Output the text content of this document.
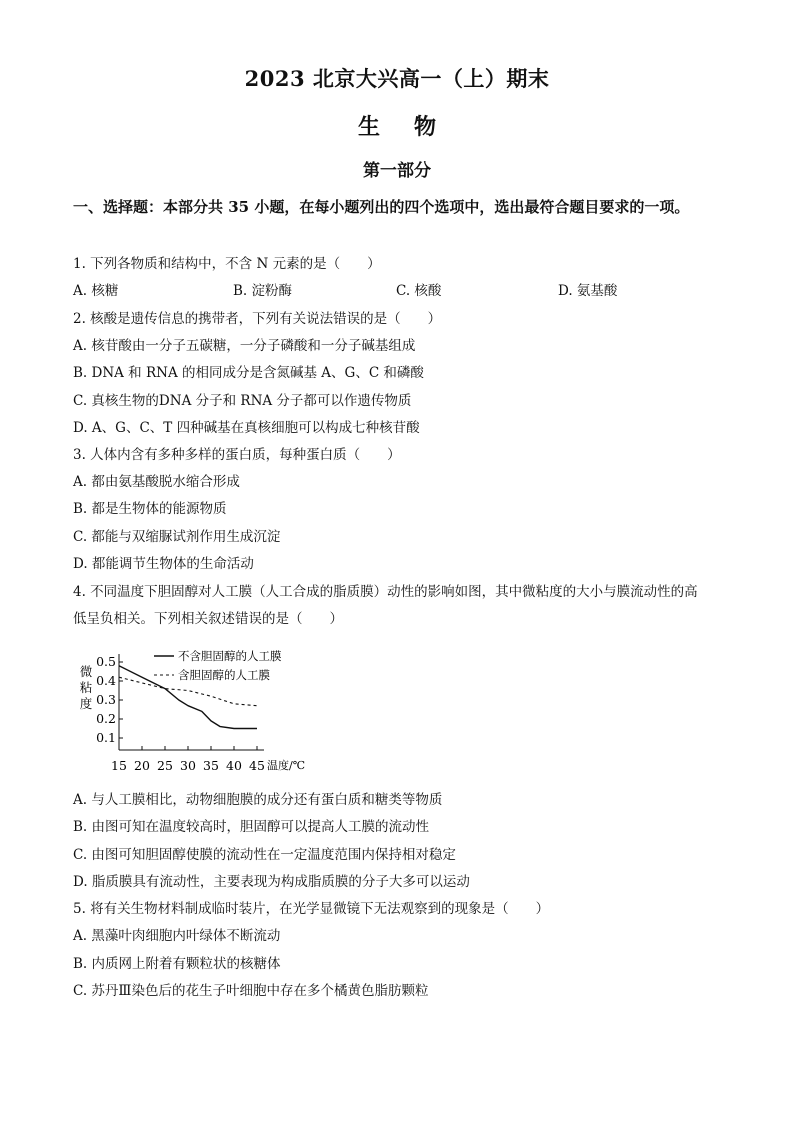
2023 北京大兴高一（上）期末
生物
第一部分
一、选择题：本部分共 35 小题，在每小题列出的四个选项中，选出最符合题目要求的一项。
1. 下列各物质和结构中，不含 N 元素的是（　　）
A. 核糖	B. 淀粉酶	C. 核酸	D. 氨基酸
2. 核酸是遗传信息的携带者，下列有关说法错误的是（　　）
A. 核苷酸由一分子五碳糖，一分子磷酸和一分子碱基组成
B. DNA 和 RNA 的相同成分是含氮碱基 A、G、C 和磷酸
C. 真核生物的DNA 分子和 RNA 分子都可以作遗传物质
D. A、G、C、T 四种碱基在真核细胞可以构成七种核苷酸
3. 人体内含有多种多样的蛋白质，每种蛋白质（　　）
A. 都由氨基酸脱水缩合形成
B. 都是生物体的能源物质
C. 都能与双缩脲试剂作用生成沉淀
D. 都能调节生物体的生命活动
4. 不同温度下胆固醇对人工膜（人工合成的脂质膜）动性的影响如图，其中微粘度的大小与膜流动性的高
低呈负相关。下列相关叙述错误的是（　　）
0.1
0.2
0.3
0.4
0.5
15 20 25 30 35 40 45
不含胆固醇的人工膜
含胆固醇的人工膜
微粘度
温度/℃
A. 与人工膜相比，动物细胞膜的成分还有蛋白质和糖类等物质
B. 由图可知在温度较高时，胆固醇可以提高人工膜的流动性
C. 由图可知胆固醇使膜的流动性在一定温度范围内保持相对稳定
D. 脂质膜具有流动性，主要表现为构成脂质膜的分子大多可以运动
5. 将有关生物材料制成临时装片，在光学显微镜下无法观察到的现象是（　　）
A. 黑藻叶肉细胞内叶绿体不断流动
B. 内质网上附着有颗粒状的核糖体
C. 苏丹Ⅲ染色后的花生子叶细胞中存在多个橘黄色脂肪颗粒
